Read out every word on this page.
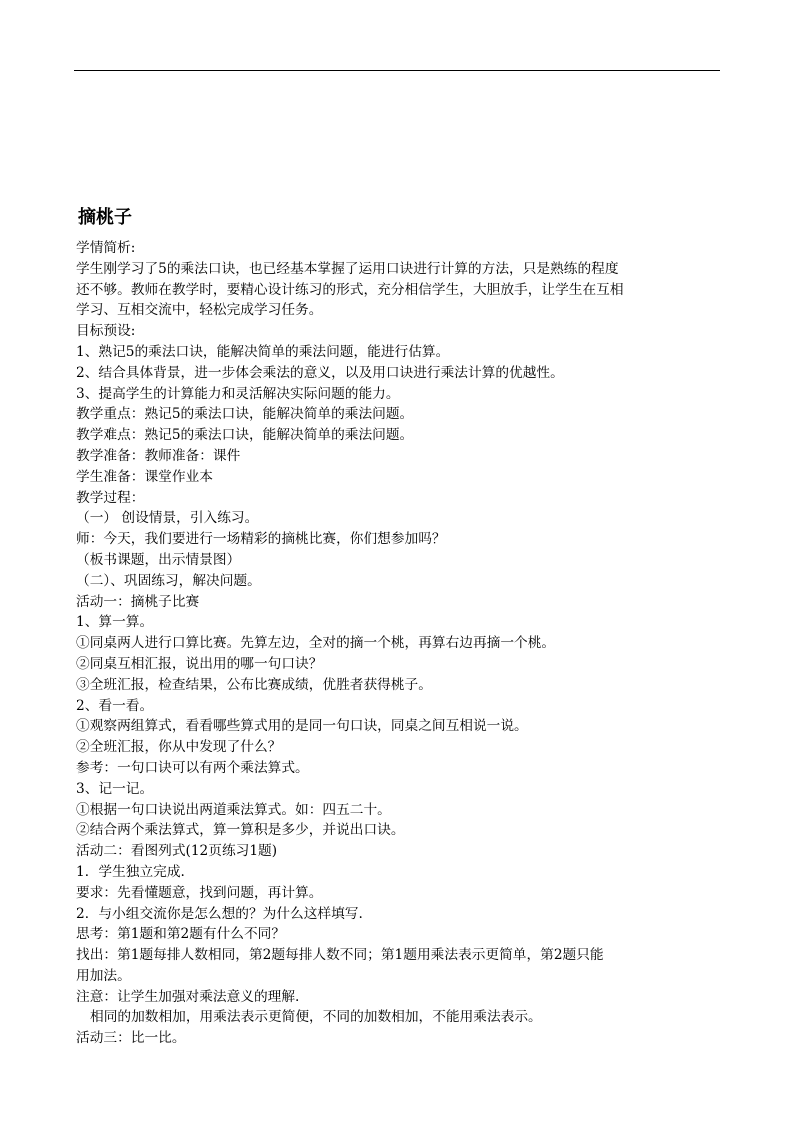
摘桃子
学情简析:
学生刚学习了5的乘法口诀，也已经基本掌握了运用口诀进行计算的方法，只是熟练的程度
还不够。教师在教学时，要精心设计练习的形式，充分相信学生，大胆放手，让学生在互相
学习、互相交流中，轻松完成学习任务。
目标预设:
1、熟记5的乘法口诀，能解决简单的乘法问题，能进行估算。
2、结合具体背景，进一步体会乘法的意义，以及用口诀进行乘法计算的优越性。
3、提高学生的计算能力和灵活解决实际问题的能力。
教学重点：熟记5的乘法口诀，能解决简单的乘法问题。
教学难点：熟记5的乘法口诀，能解决简单的乘法问题。
教学准备：教师准备：课件
学生准备：课堂作业本
教学过程：
（一） 创设情景，引入练习。
师：今天，我们要进行一场精彩的摘桃比赛，你们想参加吗？
（板书课题，出示情景图）
（二）、巩固练习，解决问题。
活动一：摘桃子比赛
1、算一算。
①同桌两人进行口算比赛。先算左边，全对的摘一个桃，再算右边再摘一个桃。
②同桌互相汇报，说出用的哪一句口诀？
③全班汇报，检查结果，公布比赛成绩，优胜者获得桃子。
2、看一看。
①观察两组算式，看看哪些算式用的是同一句口诀，同桌之间互相说一说。
②全班汇报，你从中发现了什么？
参考：一句口诀可以有两个乘法算式。
3、记一记。
①根据一句口诀说出两道乘法算式。如：四五二十。
②结合两个乘法算式，算一算积是多少，并说出口诀。
活动二：看图列式(12页练习1题)
1．学生独立完成.
要求：先看懂题意，找到问题，再计算。
2．与小组交流你是怎么想的？为什么这样填写.
思考：第1题和第2题有什么不同？
找出：第1题每排人数相同，第2题每排人数不同；第1题用乘法表示更简单，第2题只能
用加法。
注意：让学生加强对乘法意义的理解.
相同的加数相加，用乘法表示更简便，不同的加数相加，不能用乘法表示。
活动三：比一比。
